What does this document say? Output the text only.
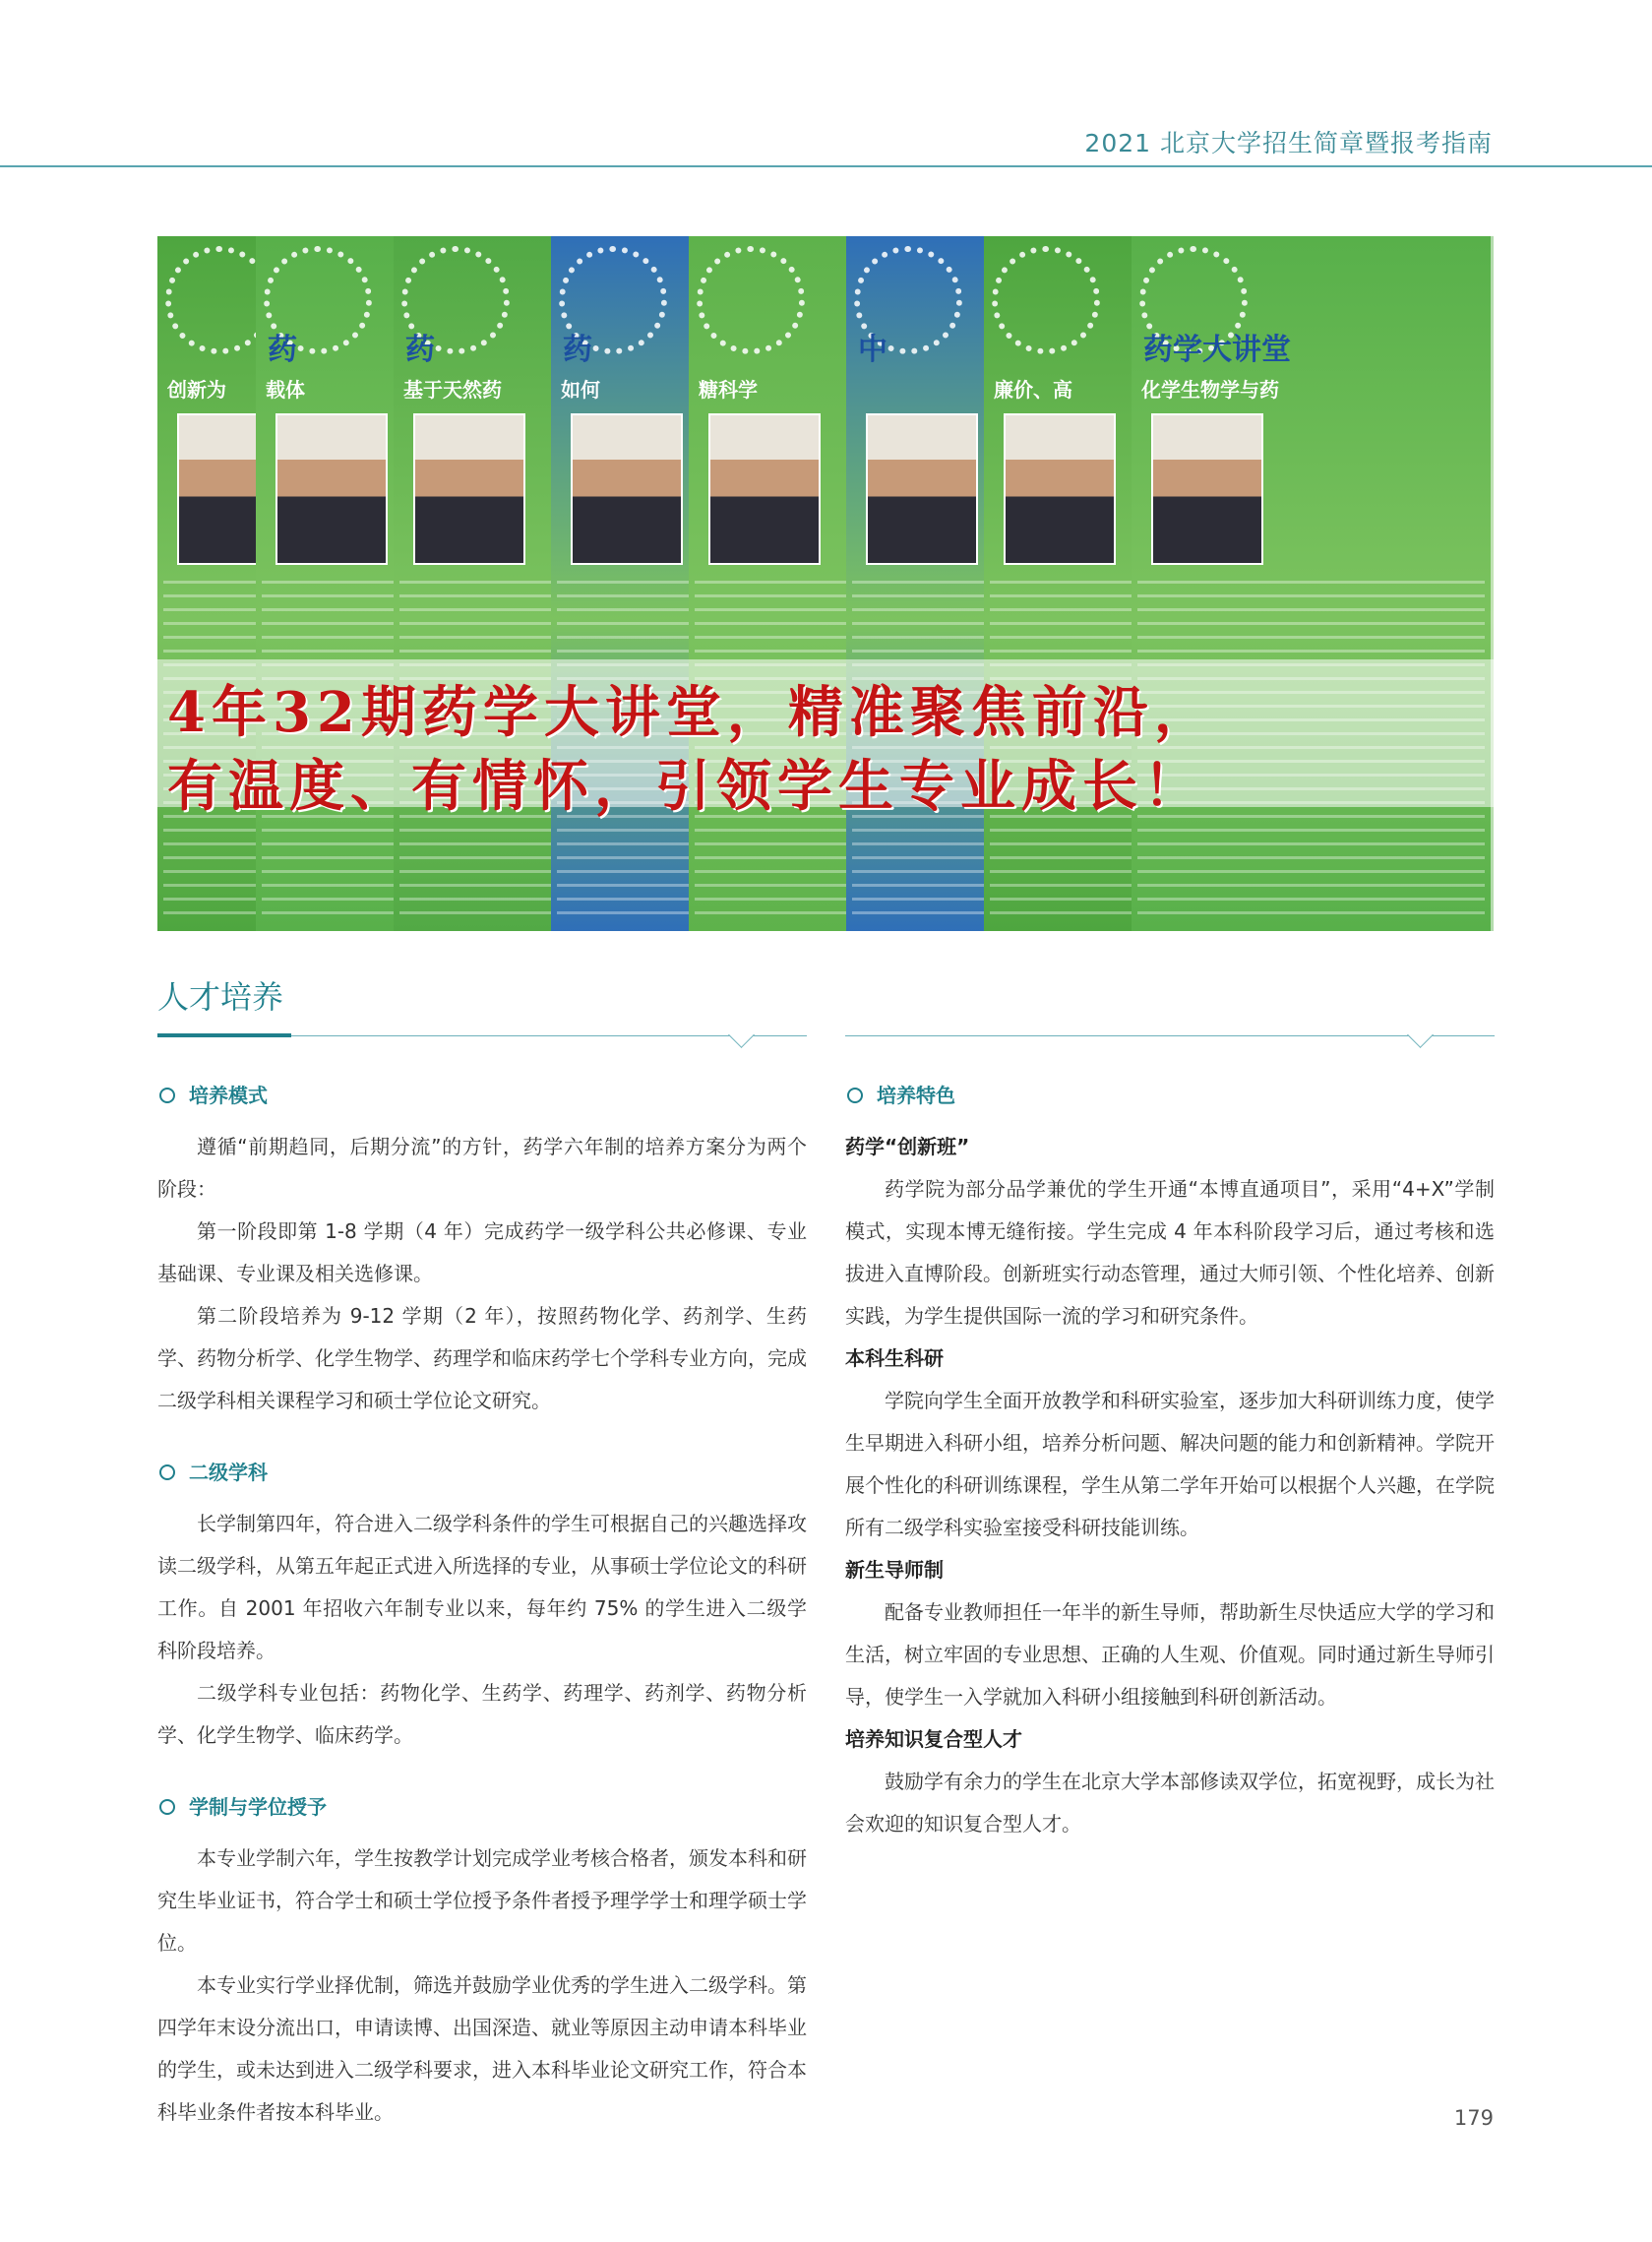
2021 北京大学招生简章暨报考指南
创新为
药
载体
药
基于天然药
药
如何	糖科学
中
廉价、高
药学大讲堂
化学生物学与药
4年32期药学大讲堂，精准聚焦前沿，
有温度、有情怀，引领学生专业成长！
人才培养
培养模式

遵循“前期趋同，后期分流”的方针，药学六年制的培养方案分为两个阶段：

第一阶段即第 1-8 学期（4 年）完成药学一级学科公共必修课、专业基础课、专业课及相关选修课。

第二阶段培养为 9-12 学期（2 年），按照药物化学、药剂学、生药学、药物分析学、化学生物学、药理学和临床药学七个学科专业方向，完成二级学科相关课程学习和硕士学位论文研究。

二级学科

长学制第四年，符合进入二级学科条件的学生可根据自己的兴趣选择攻读二级学科，从第五年起正式进入所选择的专业，从事硕士学位论文的科研工作。自 2001 年招收六年制专业以来，每年约 75% 的学生进入二级学科阶段培养。

二级学科专业包括：药物化学、生药学、药理学、药剂学、药物分析学、化学生物学、临床药学。

学制与学位授予

本专业学制六年，学生按教学计划完成学业考核合格者，颁发本科和研究生毕业证书，符合学士和硕士学位授予条件者授予理学学士和理学硕士学位。

本专业实行学业择优制，筛选并鼓励学业优秀的学生进入二级学科。第四学年末设分流出口，申请读博、出国深造、就业等原因主动申请本科毕业的学生，或未达到进入二级学科要求，进入本科毕业论文研究工作，符合本科毕业条件者按本科毕业。

培养特色

药学“创新班”

药学院为部分品学兼优的学生开通“本博直通项目”，采用“4+X”学制模式，实现本博无缝衔接。学生完成 4 年本科阶段学习后，通过考核和选拔进入直博阶段。创新班实行动态管理，通过大师引领、个性化培养、创新实践，为学生提供国际一流的学习和研究条件。

本科生科研

学院向学生全面开放教学和科研实验室，逐步加大科研训练力度，使学生早期进入科研小组，培养分析问题、解决问题的能力和创新精神。学院开展个性化的科研训练课程，学生从第二学年开始可以根据个人兴趣，在学院所有二级学科实验室接受科研技能训练。

新生导师制

配备专业教师担任一年半的新生导师，帮助新生尽快适应大学的学习和生活，树立牢固的专业思想、正确的人生观、价值观。同时通过新生导师引导，使学生一入学就加入科研小组接触到科研创新活动。

培养知识复合型人才

鼓励学有余力的学生在北京大学本部修读双学位，拓宽视野，成长为社会欢迎的知识复合型人才。

179
